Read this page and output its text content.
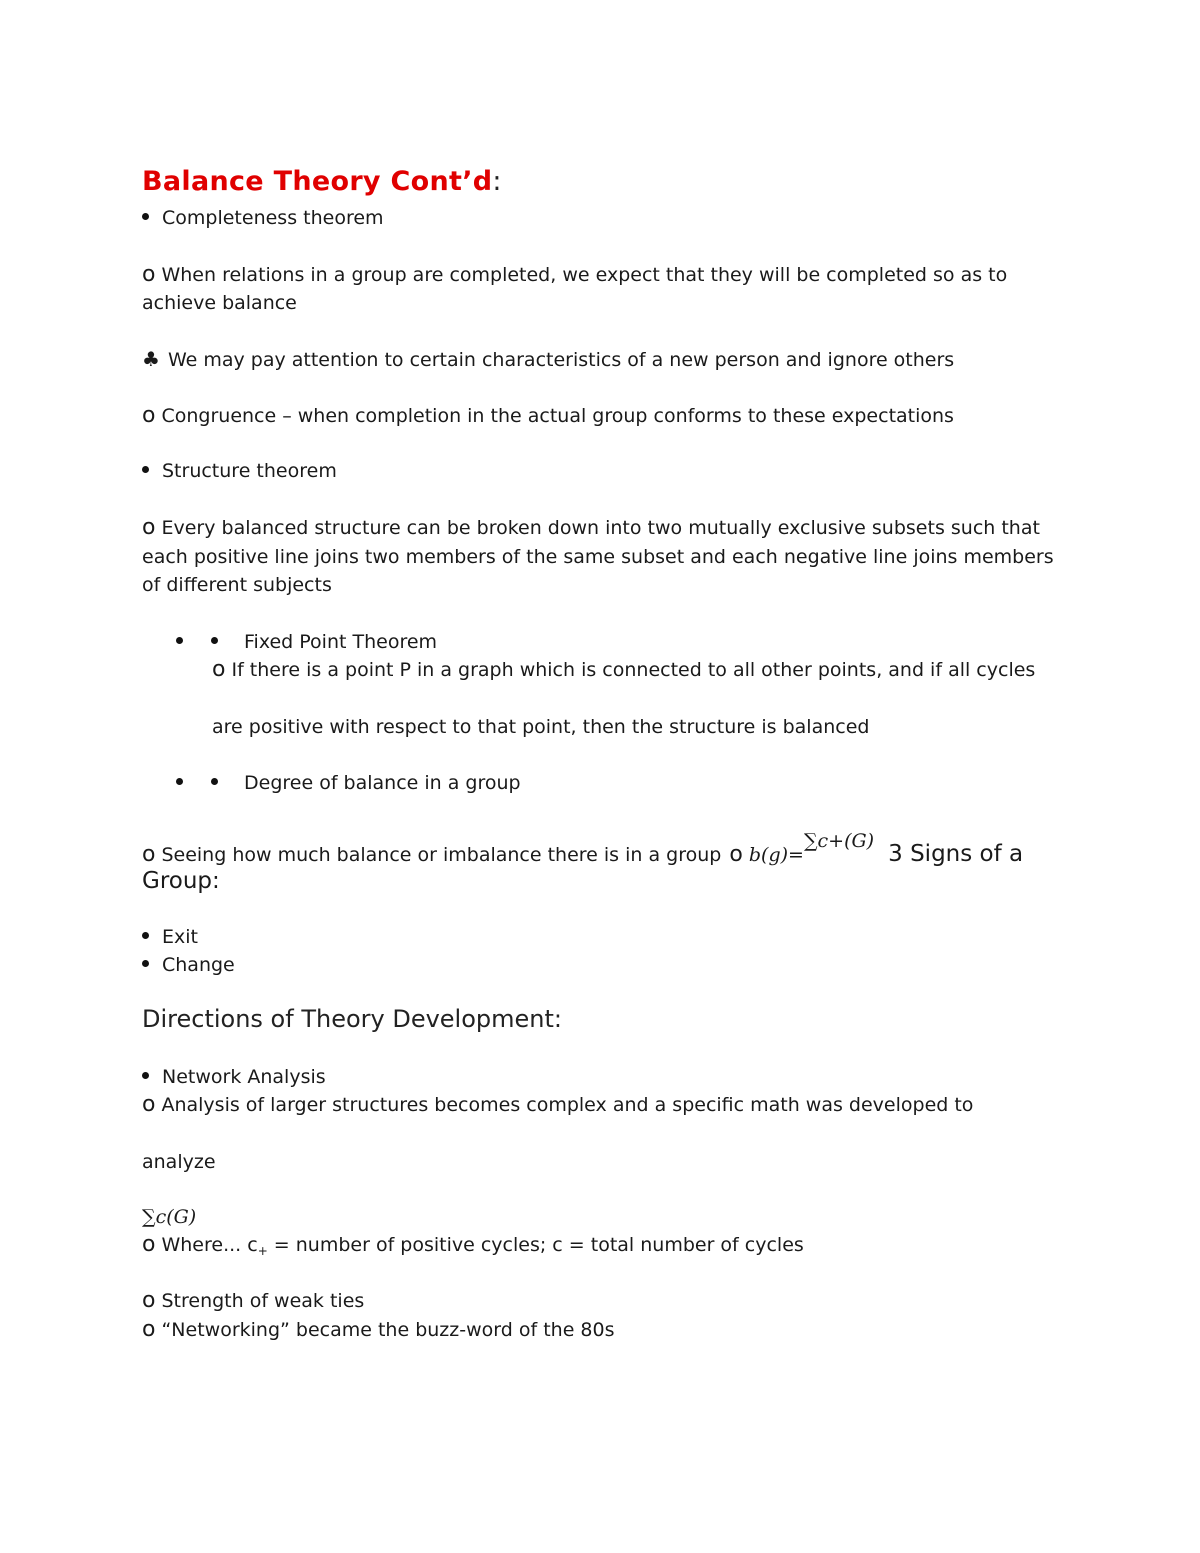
Balance Theory Cont’d:
Completeness theorem
o When relations in a group are completed, we expect that they will be completed so as to
achieve balance
♣ We may pay attention to certain characteristics of a new person and ignore others
o Congruence – when completion in the actual group conforms to these expectations
Structure theorem
o Every balanced structure can be broken down into two mutually exclusive subsets such that
each positive line joins two members of the same subset and each negative line joins members
of different subjects
Fixed Point Theorem
o If there is a point P in a graph which is connected to all other points, and if all cycles
are positive with respect to that point, then the structure is balanced
Degree of balance in a group
o Seeing how much balance or imbalance there is in a group o b(g)=∑c+(G) 3 Signs of a
Group:
Exit
Change
Directions of Theory Development:
Network Analysis
o Analysis of larger structures becomes complex and a specific math was developed to
analyze
∑c(G)
o Where... $c_+$ = number of positive cycles; c = total number of cycles
o Strength of weak ties
o “Networking” became the buzz-word of the 80s
